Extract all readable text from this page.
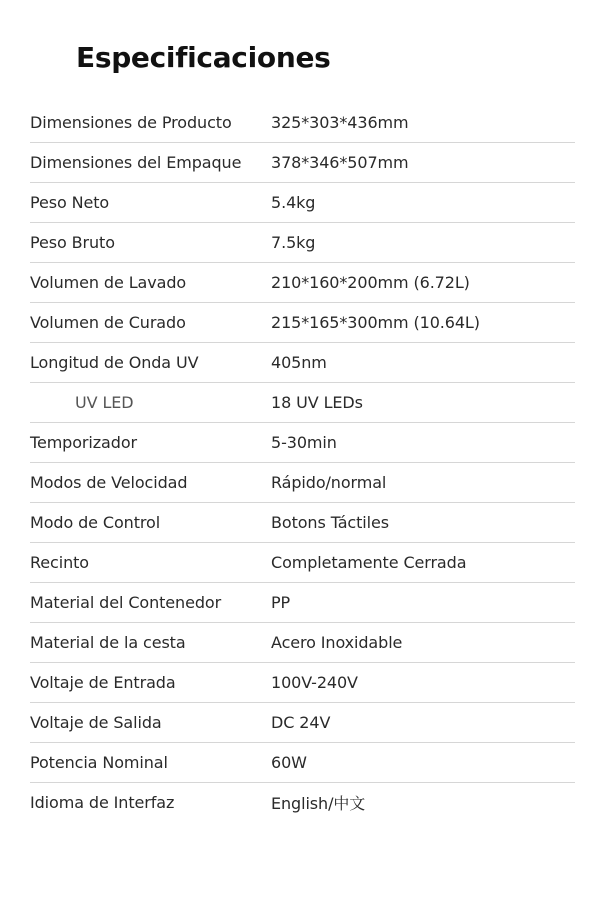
Especificaciones
Dimensiones de Producto	325*303*436mm
Dimensiones del Empaque	378*346*507mm
Peso Neto	5.4kg
Peso Bruto	7.5kg
Volumen de Lavado	210*160*200mm (6.72L)
Volumen de Curado	215*165*300mm (10.64L)
Longitud de Onda UV	405nm
UV LED	18 UV LEDs
Temporizador	5-30min
Modos de Velocidad	Rápido/normal
Modo de Control	Botons Táctiles
Recinto	Completamente Cerrada
Material del Contenedor	PP
Material de la cesta	Acero Inoxidable
Voltaje de Entrada	100V-240V
Voltaje de Salida	DC 24V
Potencia Nominal	60W
Idioma de Interfaz	English/中文
